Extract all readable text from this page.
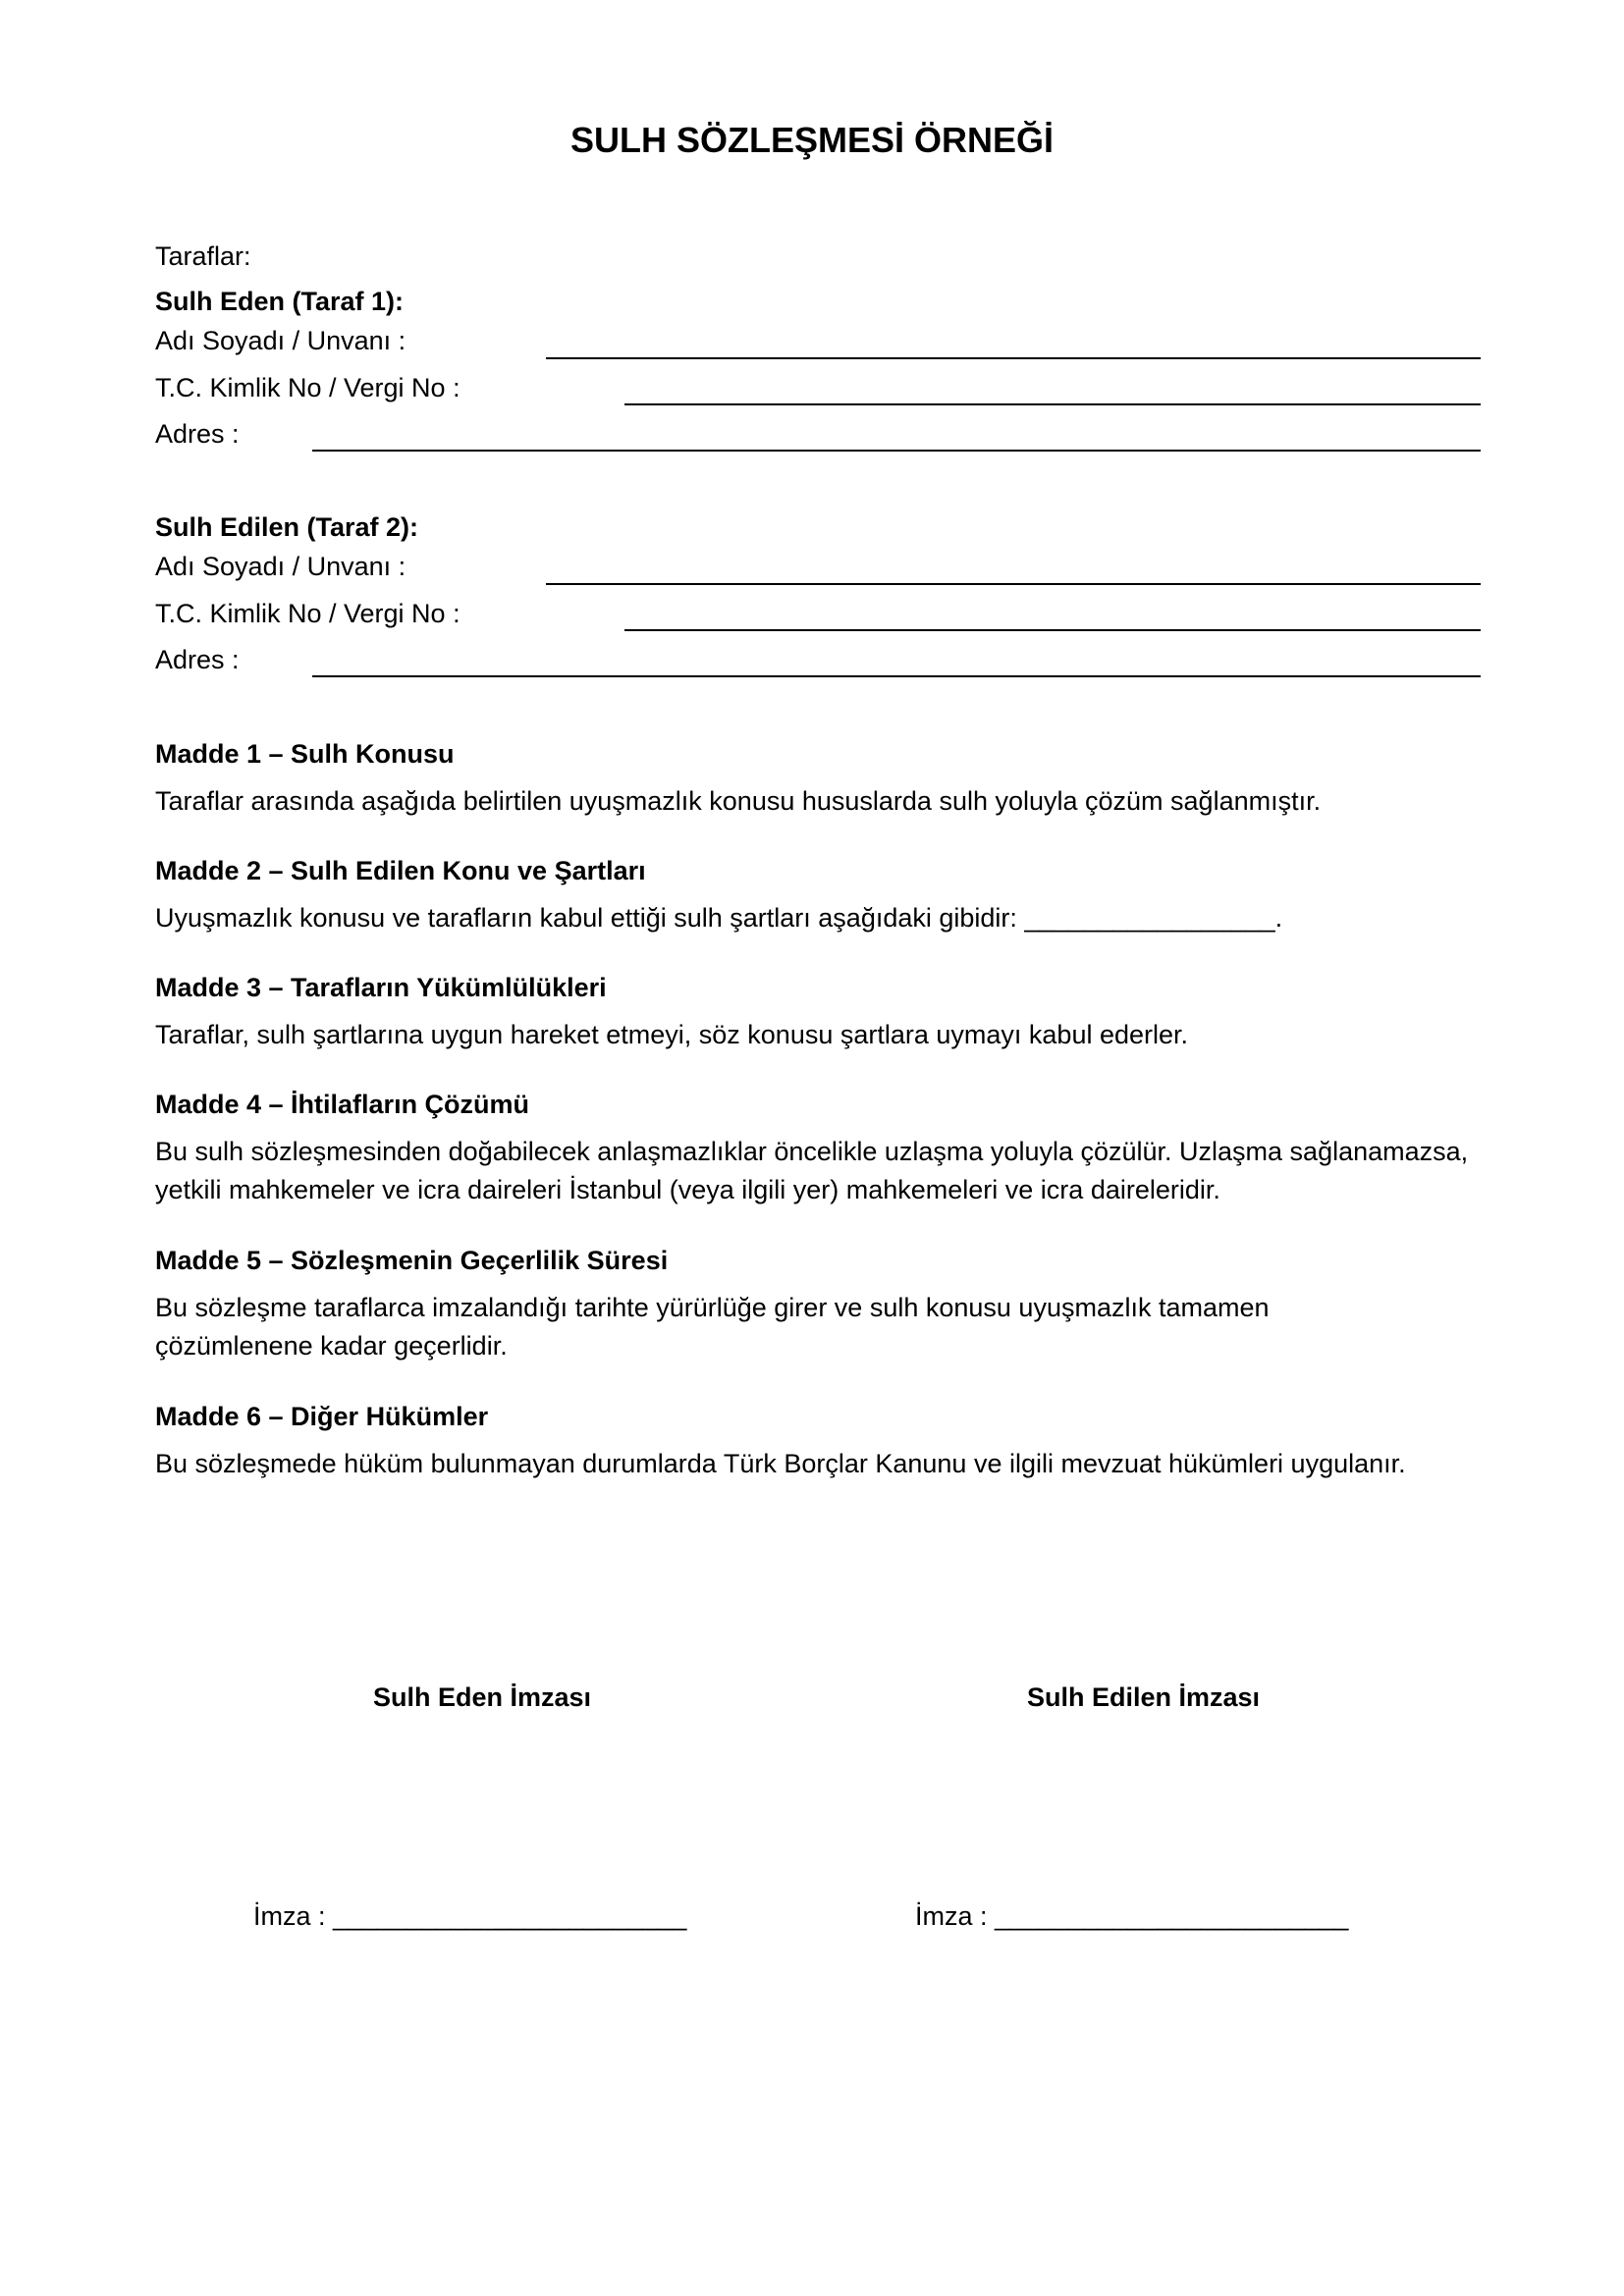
SULH SÖZLEŞMESİ ÖRNEĞİ
Taraflar:
Sulh Eden (Taraf 1):
Adı Soyadı / Unvanı :
T.C. Kimlik No / Vergi No :
Adres :
Sulh Edilen (Taraf 2):
Adı Soyadı / Unvanı :
T.C. Kimlik No / Vergi No :
Adres :
Madde 1 – Sulh Konusu
Taraflar arasında aşağıda belirtilen uyuşmazlık konusu hususlarda sulh yoluyla çözüm sağlanmıştır.
Madde 2 – Sulh Edilen Konu ve Şartları
Uyuşmazlık konusu ve tarafların kabul ettiği sulh şartları aşağıdaki gibidir: _________________.
Madde 3 – Tarafların Yükümlülükleri
Taraflar, sulh şartlarına uygun hareket etmeyi, söz konusu şartlara uymayı kabul ederler.
Madde 4 – İhtilafların Çözümü
Bu sulh sözleşmesinden doğabilecek anlaşmazlıklar öncelikle uzlaşma yoluyla çözülür. Uzlaşma sağlanamazsa, yetkili mahkemeler ve icra daireleri İstanbul (veya ilgili yer) mahkemeleri ve icra daireleridir.
Madde 5 – Sözleşmenin Geçerlilik Süresi
Bu sözleşme taraflarca imzalandığı tarihte yürürlüğe girer ve sulh konusu uyuşmazlık tamamen çözümlenene kadar geçerlidir.
Madde 6 – Diğer Hükümler
Bu sözleşmede hüküm bulunmayan durumlarda Türk Borçlar Kanunu ve ilgili mevzuat hükümleri uygulanır.
Sulh Eden İmzası	Sulh Edilen İmzası
İmza : ________________________	İmza : ________________________
